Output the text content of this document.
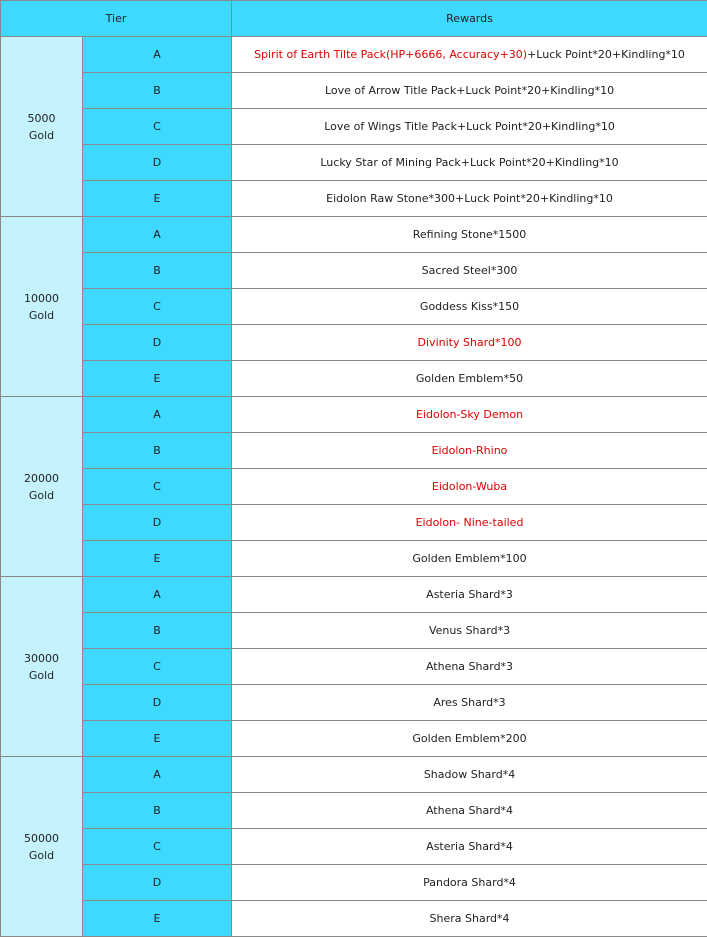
Tier		Rewards

5000
Gold	A	Spirit of Earth Tilte Pack(HP+6666, Accuracy+30)+Luck Point*20+Kindling*10
	B	Love of Arrow Title Pack+Luck Point*20+Kindling*10
	C	Love of Wings Title Pack+Luck Point*20+Kindling*10
	D	Lucky Star of Mining Pack+Luck Point*20+Kindling*10
	E	Eidolon Raw Stone*300+Luck Point*20+Kindling*10

10000
Gold	A	Refining Stone*1500
	B	Sacred Steel*300
	C	Goddess Kiss*150
	D	Divinity Shard*100
	E	Golden Emblem*50

20000
Gold	A	Eidolon-Sky Demon
	B	Eidolon-Rhino
	C	Eidolon-Wuba
	D	Eidolon- Nine-tailed
	E	Golden Emblem*100

30000
Gold	A	Asteria Shard*3
	B	Venus Shard*3
	C	Athena Shard*3
	D	Ares Shard*3
	E	Golden Emblem*200

50000
Gold	A	Shadow Shard*4
	B	Athena Shard*4
	C	Asteria Shard*4
	D	Pandora Shard*4
	E	Shera Shard*4
